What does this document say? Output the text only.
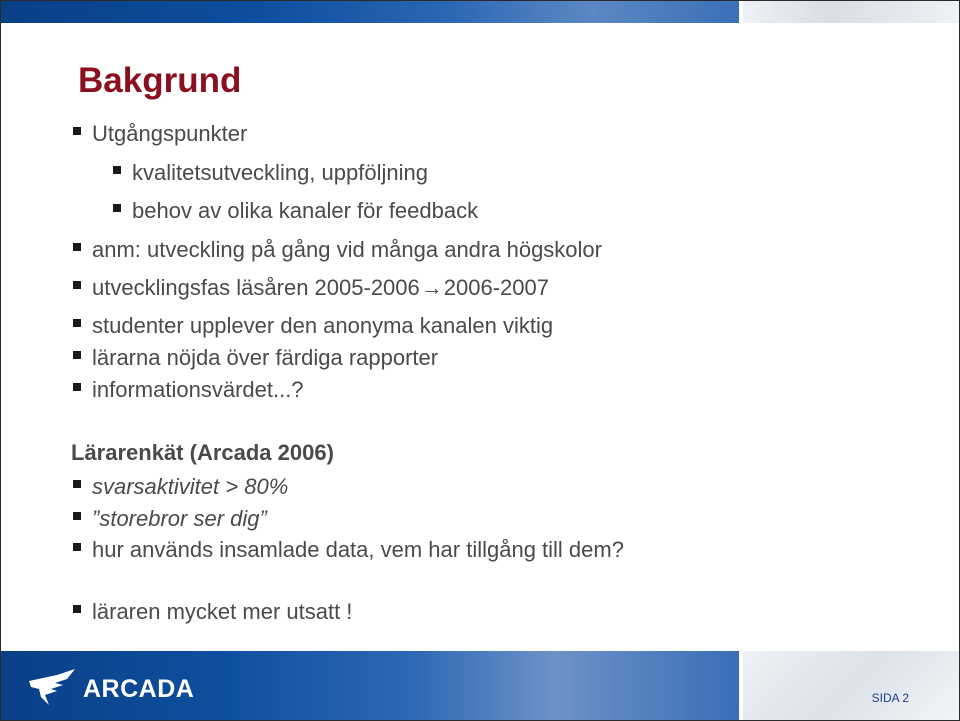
Bakgrund
Utgångspunkter
kvalitetsutveckling, uppföljning
behov av olika kanaler för feedback
anm: utveckling på gång vid många andra högskolor
utvecklingsfas läsåren 2005-2006 → 2006-2007
studenter upplever den anonyma kanalen viktig
lärarna nöjda över färdiga rapporter
informationsvärdet...?
Lärarenkät (Arcada 2006)
svarsaktivitet > 80%
”storebror ser dig”
hur används insamlade data, vem har tillgång till dem?
läraren mycket mer utsatt !
ARCADA	SIDA 2
